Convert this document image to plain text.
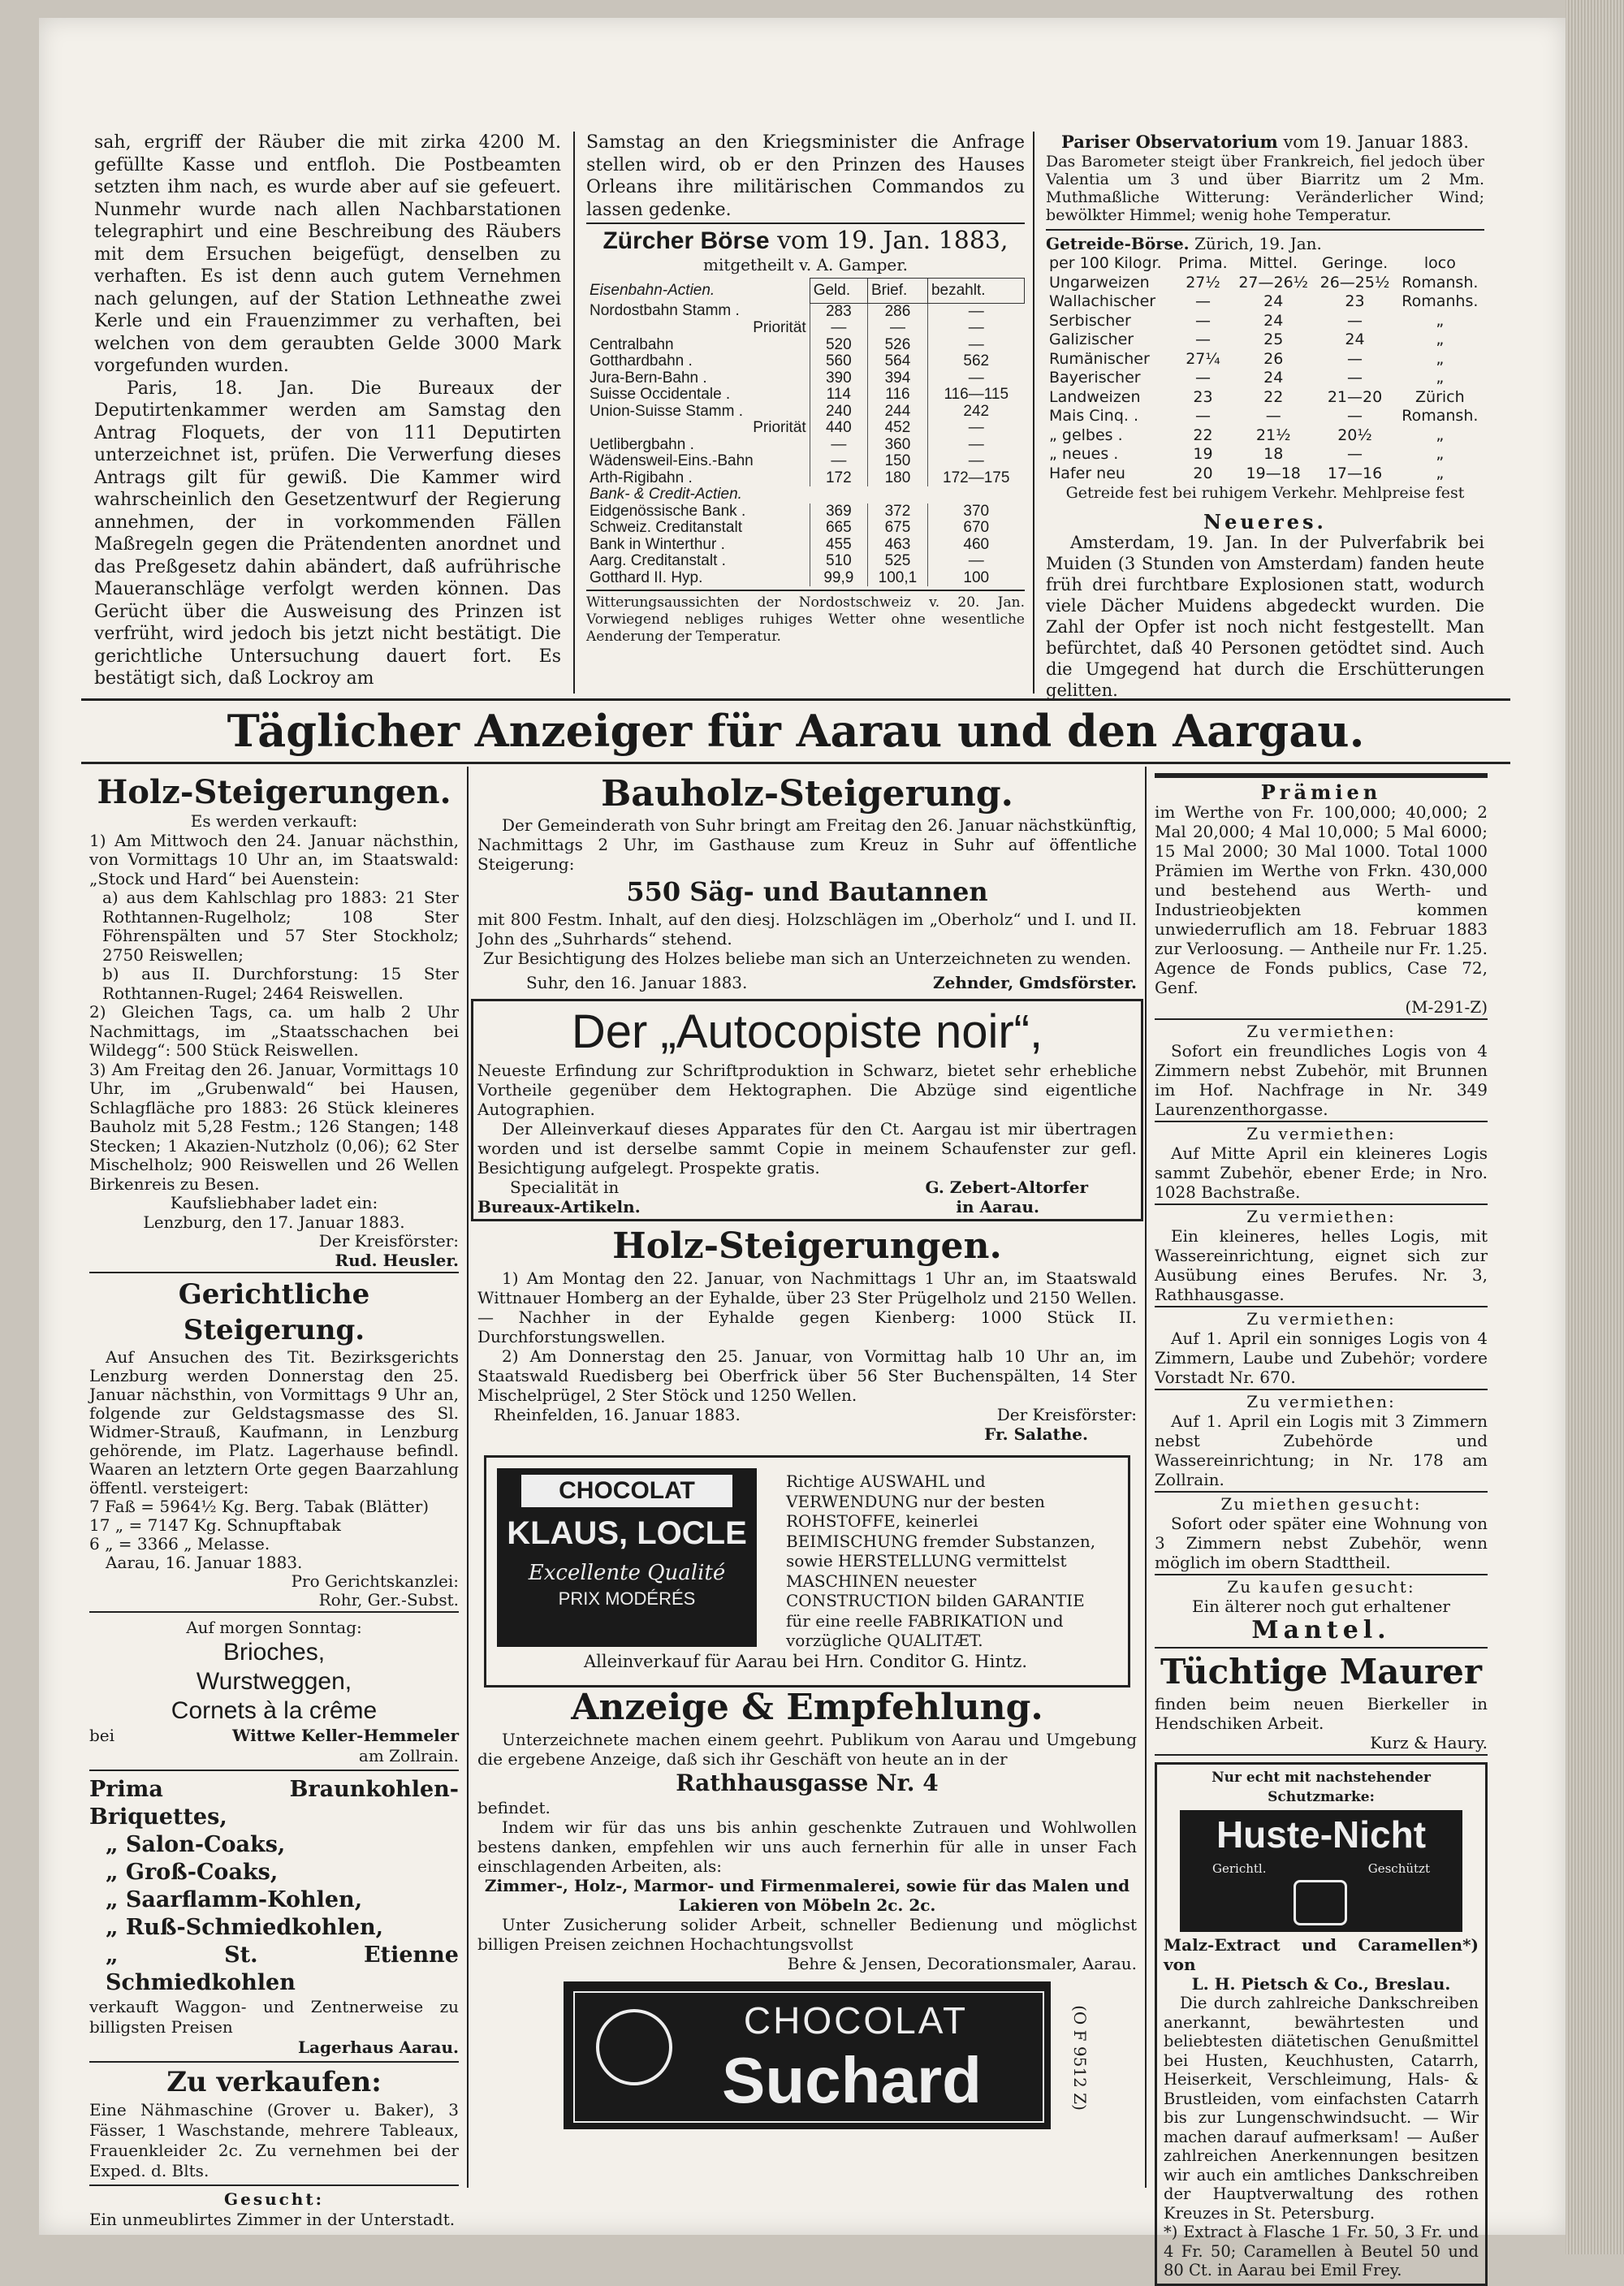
sah, ergriff der Räuber die mit zirka 4200 M. gefüllte Kasse und entfloh. Die Postbeamten setzten ihm nach, es wurde aber auf sie gefeuert. Nunmehr wurde nach allen Nachbarstationen telegraphirt und eine Beschreibung des Räubers mit dem Ersuchen beigefügt, denselben zu verhaften. Es ist denn auch gutem Vernehmen nach gelungen, auf der Station Lethneathe zwei Kerle und ein Frauenzimmer zu verhaften, bei welchen von dem geraubten Gelde 3000 Mark vorgefunden wurden.

Paris, 18. Jan. Die Bureaux der Deputirtenkammer werden am Samstag den Antrag Floquets, der von 111 Deputirten unterzeichnet ist, prüfen. Die Verwerfung dieses Antrags gilt für gewiß. Die Kammer wird wahrscheinlich den Gesetzentwurf der Regierung annehmen, der in vorkommenden Fällen Maßregeln gegen die Prätendenten anordnet und das Preßgesetz dahin abändert, daß aufrührische Maueranschläge verfolgt werden können. Das Gerücht über die Ausweisung des Prinzen ist verfrüht, wird jedoch bis jetzt nicht bestätigt. Die gerichtliche Untersuchung dauert fort. Es bestätigt sich, daß Lockroy am

Samstag an den Kriegsminister die Anfrage stellen wird, ob er den Prinzen des Hauses Orleans ihre militärischen Commandos zu lassen gedenke.

Zürcher Börse vom 19. Jan. 1883,
mitgetheilt v. A. Gamper.
Eisenbahn-Actien.	Geld.	Brief.	bezahlt.
Nordostbahn Stamm .	283	286	—
Priorität	—	—	—
Centralbahn	520	526	—
Gotthardbahn .	560	564	562
Jura-Bern-Bahn .	390	394	—
Suisse Occidentale .	114	116	116—115
Union-Suisse Stamm .	240	244	242
Priorität	440	452	—
Uetlibergbahn .	—	360	—
Wädensweil-Eins.-Bahn	—	150	—
Arth-Rigibahn .	172	180	172—175
Bank- & Credit-Actien.			
Eidgenössische Bank .	369	372	370
Schweiz. Creditanstalt	665	675	670
Bank in Winterthur .	455	463	460
Aarg. Creditanstalt .	510	525	—
Gotthard II. Hyp.	99,9	100,1	100
Witterungsaussichten der Nordostschweiz v. 20. Jan. Vorwiegend nebliges ruhiges Wetter ohne wesentliche Aenderung der Temperatur.
Pariser Observatorium vom 19. Januar 1883.

Das Barometer steigt über Frankreich, fiel jedoch über Valentia um 3 und über Biarritz um 2 Mm. Muthmaßliche Witterung: Veränderlicher Wind; bewölkter Himmel; wenig hohe Temperatur.

Getreide-Börse. Zürich, 19. Jan.
per 100 Kilogr.	Prima.	Mittel.	Geringe.	loco
Ungarweizen	27½	27—26½	26—25½	Romansh.
Wallachischer	—	24	23	Romanhs.
Serbischer	—	24	—	„
Galizischer	—	25	24	„
Rumänischer	27¼	26	—	„
Bayerischer	—	24	—	„
Landweizen	23	22	21—20	Zürich
Mais Cinq. .	—	—	—	Romansh.
„ gelbes .	22	21½	20½	„
„ neues .	19	18	—	„
Hafer neu	20	19—18	17—16	„
Getreide fest bei ruhigem Verkehr. Mehlpreise fest
Neueres.

Amsterdam, 19. Jan. In der Pulverfabrik bei Muiden (3 Stunden von Amsterdam) fanden heute früh drei furchtbare Explosionen statt, wodurch viele Dächer Muidens abgedeckt wurden. Die Zahl der Opfer ist noch nicht festgestellt. Man befürchtet, daß 40 Personen getödtet sind. Auch die Umgegend hat durch die Erschütterungen gelitten.

Täglicher Anzeiger für Aarau und den Aargau.
Holz-Steigerungen.

Es werden verkauft:

1) Am Mittwoch den 24. Januar nächsthin, von Vormittags 10 Uhr an, im Staatswald: „Stock und Hard“ bei Auenstein:

a) aus dem Kahlschlag pro 1883: 21 Ster Rothtannen-Rugelholz; 108 Ster Föhrenspälten und 57 Ster Stockholz; 2750 Reiswellen;

b) aus II. Durchforstung: 15 Ster Rothtannen-Rugel; 2464 Reiswellen.

2) Gleichen Tags, ca. um halb 2 Uhr Nachmittags, im „Staatsschachen bei Wildegg“: 500 Stück Reiswellen.

3) Am Freitag den 26. Januar, Vormittags 10 Uhr, im „Grubenwald“ bei Hausen, Schlagfläche pro 1883: 26 Stück kleineres Bauholz mit 5,28 Festm.; 126 Stangen; 148 Stecken; 1 Akazien-Nutzholz (0,06); 62 Ster Mischelholz; 900 Reiswellen und 26 Wellen Birkenreis zu Besen.

Kaufsliebhaber ladet ein:

Lenzburg, den 17. Januar 1883.

Der Kreisförster:

Rud. Heusler.

Gerichtliche Steigerung.

Auf Ansuchen des Tit. Bezirksgerichts Lenzburg werden Donnerstag den 25. Januar nächsthin, von Vormittags 9 Uhr an, folgende zur Geldstagsmasse des Sl. Widmer-Strauß, Kaufmann, in Lenzburg gehörende, im Platz. Lagerhause befindl. Waaren an letztern Orte gegen Baarzahlung öffentl. versteigert:

7 Faß = 5964½ Kg. Berg. Tabak (Blätter)

17 „ = 7147 Kg. Schnupftabak

6 „ = 3366 „ Melasse.

Aarau, 16. Januar 1883.

Pro Gerichtskanzlei:

Rohr, Ger.-Subst.

Auf morgen Sonntag:
Brioches,
Wurstweggen,
Cornets à la crême
bei	Wittwe Keller-Hemmeler
am Zollrain.
Prima Braunkohlen-Briquettes,
„ Salon-Coaks,
„ Groß-Coaks,
„ Saarflamm-Kohlen,
„ Ruß-Schmiedkohlen,
„ St. Etienne Schmiedkohlen

verkauft Waggon- und Zentnerweise zu billigsten Preisen

Lagerhaus Aarau.

Zu verkaufen:

Eine Nähmaschine (Grover u. Baker), 3 Fässer, 1 Waschstande, mehrere Tableaux, Frauenkleider 2c. Zu vernehmen bei der Exped. d. Blts.

Gesucht:

Ein unmeublirtes Zimmer in der Unterstadt.

Bauholz-Steigerung.

Der Gemeinderath von Suhr bringt am Freitag den 26. Januar nächstkünftig, Nachmittags 2 Uhr, im Gasthause zum Kreuz in Suhr auf öffentliche Steigerung:

550 Säg- und Bautannen

mit 800 Festm. Inhalt, auf den diesj. Holzschlägen im „Oberholz“ und I. und II. John des „Suhrhards“ stehend.

Zur Besichtigung des Holzes beliebe man sich an Unterzeichneten zu wenden.

Suhr, den 16. Januar 1883.	Zehnder, Gmdsförster.
Der „Autocopiste noir“,

Neueste Erfindung zur Schriftproduktion in Schwarz, bietet sehr erhebliche Vortheile gegenüber dem Hektographen. Die Abzüge sind eigentliche Autographien.

Der Alleinverkauf dieses Apparates für den Ct. Aargau ist mir übertragen worden und ist derselbe sammt Copie in meinem Schaufenster zur gefl. Besichtigung aufgelegt. Prospekte gratis.

Specialität in	G. Zebert-Altorfer
Bureaux-Artikeln.	in Aarau.
Holz-Steigerungen.

1) Am Montag den 22. Januar, von Nachmittags 1 Uhr an, im Staatswald Wittnauer Homberg an der Eyhalde, über 23 Ster Prügelholz und 2150 Wellen. — Nachher in der Eyhalde gegen Kienberg: 1000 Stück II. Durchforstungswellen.

2) Am Donnerstag den 25. Januar, von Vormittag halb 10 Uhr an, im Staatswald Ruedisberg bei Oberfrick über 56 Ster Buchenspälten, 14 Ster Mischelprügel, 2 Ster Stöck und 1250 Wellen.

Rheinfelden, 16. Januar 1883.	Der Kreisförster:
Fr. Salathe.
CHOCOLAT
KLAUS, LOCLE
Excellente Qualité
PRIX MODÉRÉS

Richtige AUSWAHL und VERWENDUNG nur der besten ROHSTOFFE, keinerlei BEIMISCHUNG fremder Substanzen, sowie HERSTELLUNG vermittelst MASCHINEN neuester CONSTRUCTION bilden GARANTIE für eine reelle FABRIKATION und vorzügliche QUALITÆT.

Alleinverkauf für Aarau bei Hrn. Conditor G. Hintz.
Anzeige & Empfehlung.

Unterzeichnete machen einem geehrt. Publikum von Aarau und Umgebung die ergebene Anzeige, daß sich ihr Geschäft von heute an in der

Rathhausgasse Nr. 4

befindet.

Indem wir für das uns bis anhin geschenkte Zutrauen und Wohlwollen bestens danken, empfehlen wir uns auch fernerhin für alle in unser Fach einschlagenden Arbeiten, als:

Zimmer-, Holz-, Marmor- und Firmenmalerei, sowie für das Malen und Lakieren von Möbeln 2c. 2c.

Unter Zusicherung solider Arbeit, schneller Bedienung und möglichst billigen Preisen zeichnen Hochachtungsvollst

Behre & Jensen, Decorationsmaler, Aarau.
CHOCOLAT
Suchard	(O F 9512 Z)
Prämien

im Werthe von Fr. 100,000; 40,000; 2 Mal 20,000; 4 Mal 10,000; 5 Mal 6000; 15 Mal 2000; 30 Mal 1000. Total 1000 Prämien im Werthe von Frkn. 430,000 und bestehend aus Werth- und Industrieobjekten kommen unwiederruflich am 18. Februar 1883 zur Verloosung. — Antheile nur Fr. 1.25. Agence de Fonds publics, Case 72, Genf.

(M-291-Z)
Zu vermiethen:

Sofort ein freundliches Logis von 4 Zimmern nebst Zubehör, mit Brunnen im Hof. Nachfrage in Nr. 349 Laurenzenthorgasse.

Zu vermiethen:

Auf Mitte April ein kleineres Logis sammt Zubehör, ebener Erde; in Nro. 1028 Bachstraße.

Zu vermiethen:

Ein kleineres, helles Logis, mit Wassereinrichtung, eignet sich zur Ausübung eines Berufes. Nr. 3, Rathhausgasse.

Zu vermiethen:

Auf 1. April ein sonniges Logis von 4 Zimmern, Laube und Zubehör; vordere Vorstadt Nr. 670.

Zu vermiethen:

Auf 1. April ein Logis mit 3 Zimmern nebst Zubehörde und Wassereinrichtung; in Nr. 178 am Zollrain.

Zu miethen gesucht:

Sofort oder später eine Wohnung von 3 Zimmern nebst Zubehör, wenn möglich im obern Stadttheil.

Zu kaufen gesucht:
Ein älterer noch gut erhaltener
Mantel.
Tüchtige Maurer

finden beim neuen Bierkeller in Hendschiken Arbeit.

Kurz & Haury.
Nur echt mit nachstehender Schutzmarke:
Huste-Nicht
Gerichtl.	Geschützt
Malz-Extract und Caramellen*) von
L. H. Pietsch & Co., Breslau.

Die durch zahlreiche Dankschreiben anerkannt, bewährtesten und beliebtesten diätetischen Genußmittel bei Husten, Keuchhusten, Catarrh, Heiserkeit, Verschleimung, Hals- & Brustleiden, vom einfachsten Catarrh bis zur Lungenschwindsucht. — Wir machen darauf aufmerksam! — Außer zahlreichen Anerkennungen besitzen wir auch ein amtliches Dankschreiben der Hauptverwaltung des rothen Kreuzes in St. Petersburg.

*) Extract à Flasche 1 Fr. 50, 3 Fr. und 4 Fr. 50; Caramellen à Beutel 50 und 80 Ct. in Aarau bei Emil Frey.
